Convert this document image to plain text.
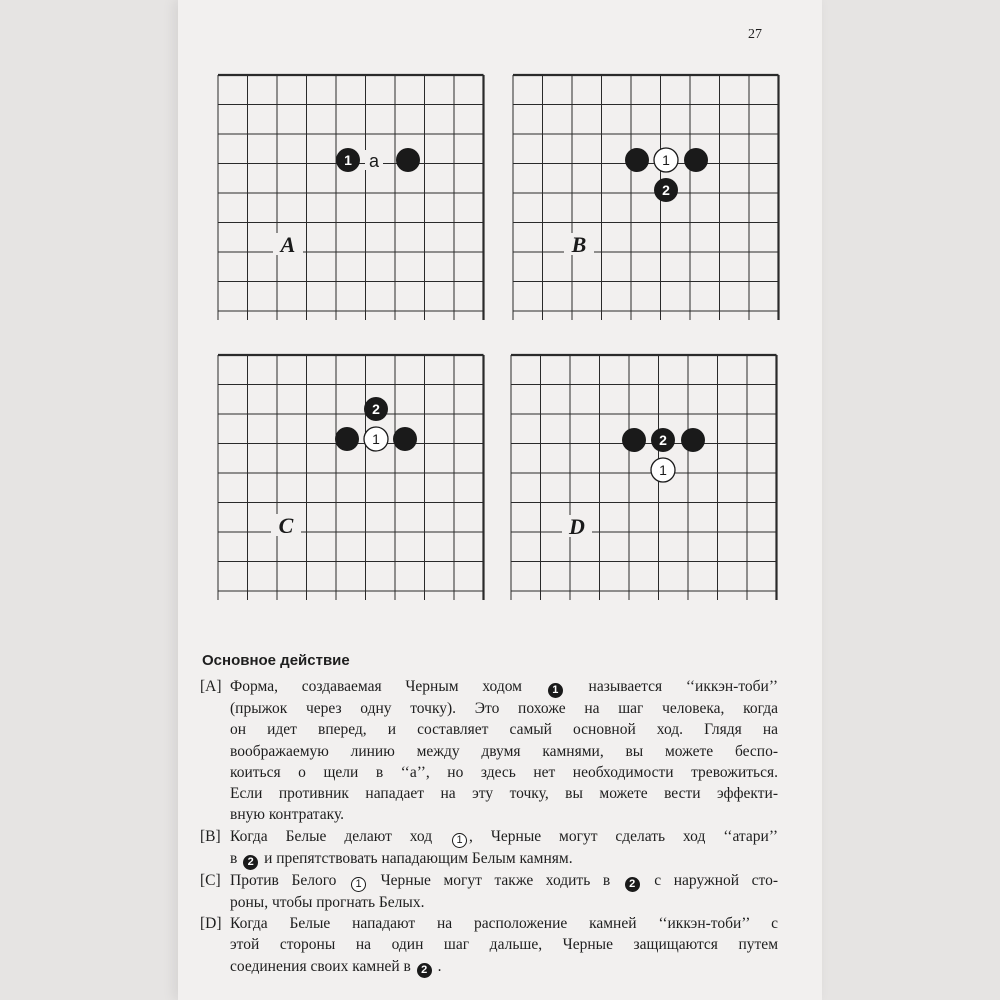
27
1 a
A
1
2
B
2
1
C
2
1
D
Основное действие
[A] Форма, создаваемая Черным ходом 1 называется ‘‘иккэн-тоби’’
(прыжок через одну точку). Это похоже на шаг человека, когда
он идет вперед, и составляет самый основной ход. Глядя на
воображаемую линию между двумя камнями, вы можете беспо-
коиться о щели в ‘‘а’’, но здесь нет необходимости тревожиться.
Если противник нападает на эту точку, вы можете вести эффекти-
вную контратаку.
[B] Когда Белые делают ход 1 , Черные могут сделать ход ‘‘атари’’
в 2 и препятствовать нападающим Белым камням.
[C] Против Белого 1 Черные могут также ходить в 2 с наружной сто-
роны, чтобы прогнать Белых.
[D] Когда Белые нападают на расположение камней ‘‘иккэн-тоби’’ с
этой стороны на один шаг дальше, Черные защищаются путем
соединения своих камней в 2 .
